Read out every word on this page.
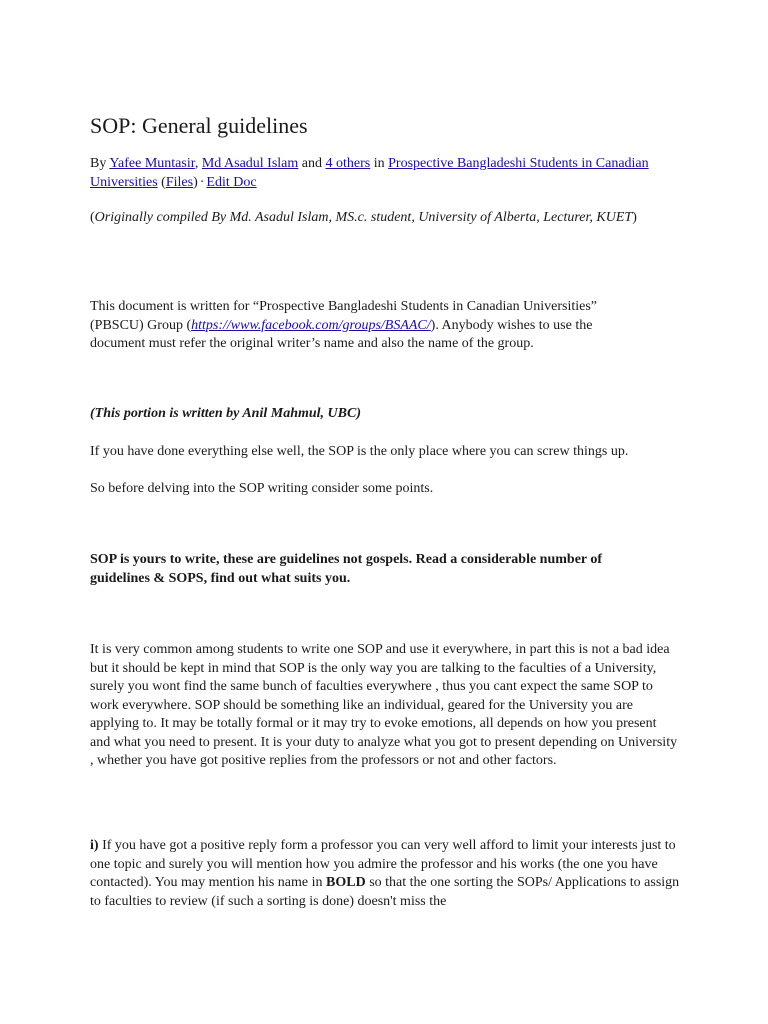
SOP: General guidelines

By Yafee Muntasir, Md Asadul Islam and 4 others in Prospective Bangladeshi Students in Canadian Universities (Files) · Edit Doc

(Originally compiled By Md. Asadul Islam, MS.c. student, University of Alberta, Lecturer, KUET)

This document is written for “Prospective Bangladeshi Students in Canadian Universities” (PBSCU) Group (https://www.facebook.com/groups/BSAAC/). Anybody wishes to use the document must refer the original writer’s name and also the name of the group.

(This portion is written by Anil Mahmul, UBC)

If you have done everything else well, the SOP is the only place where you can screw things up.

So before delving into the SOP writing consider some points.

SOP is yours to write, these are guidelines not gospels. Read a considerable number of guidelines & SOPS, find out what suits you.

It is very common among students to write one SOP and use it everywhere, in part this is not a bad idea but it should be kept in mind that SOP is the only way you are talking to the faculties of a University, surely you wont find the same bunch of faculties everywhere , thus you cant expect the same SOP to work everywhere. SOP should be something like an individual, geared for the University you are applying to. It may be totally formal or it may try to evoke emotions, all depends on how you present and what you need to present. It is your duty to analyze what you got to present depending on University , whether you have got positive replies from the professors or not and other factors.

i) If you have got a positive reply form a professor you can very well afford to limit your interests just to one topic and surely you will mention how you admire the professor and his works (the one you have contacted). You may mention his name in BOLD so that the one sorting the SOPs/ Applications to assign to faculties to review (if such a sorting is done) doesn't miss the
